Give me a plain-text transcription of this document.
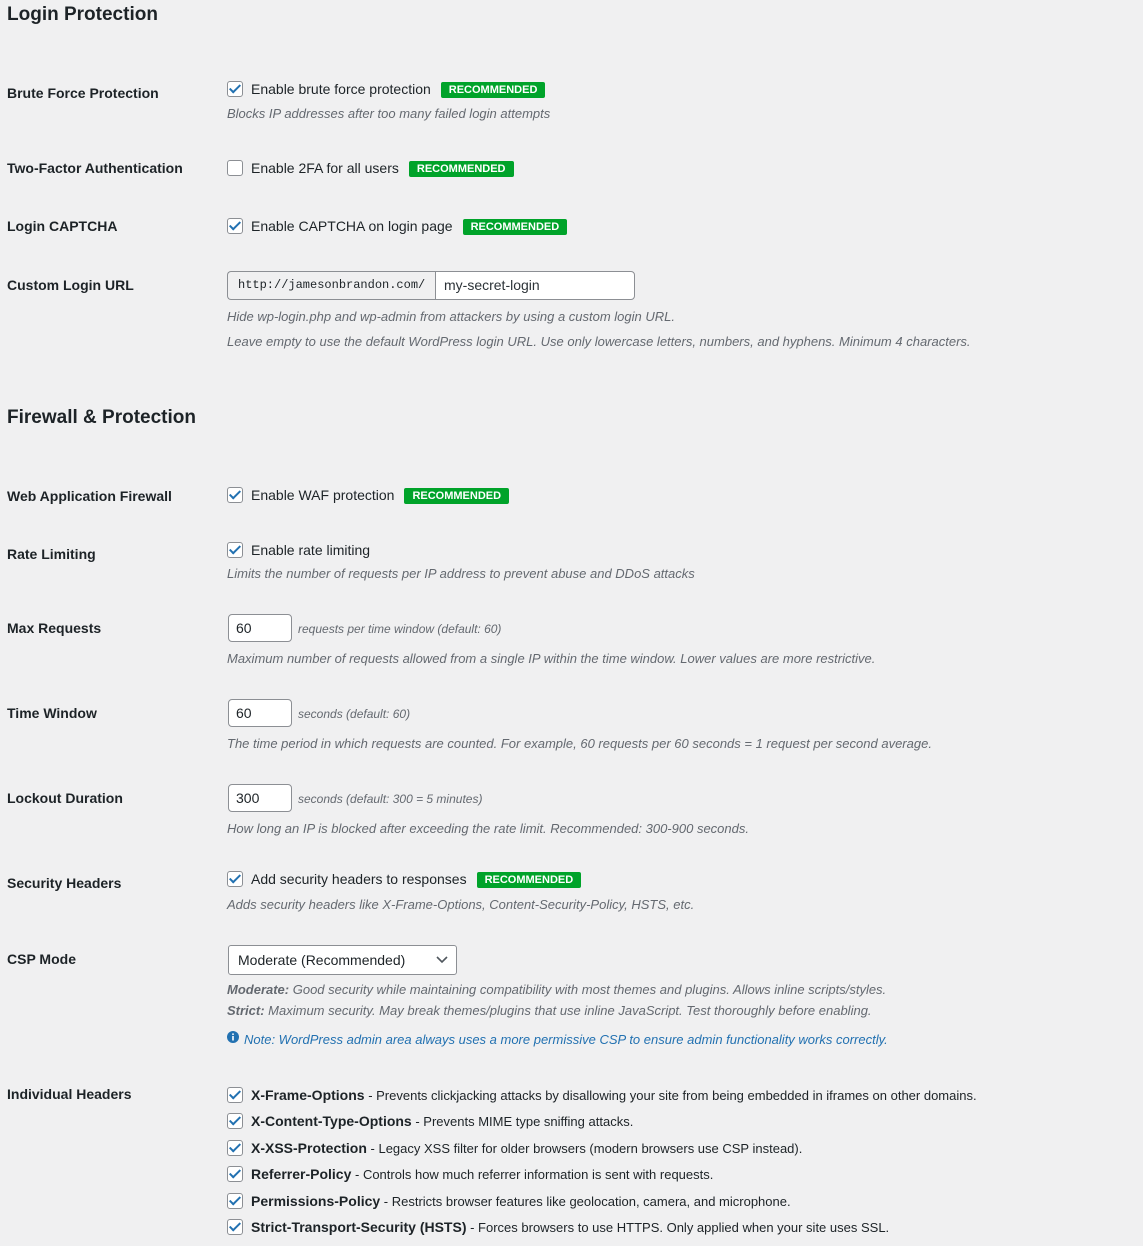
Login Protection
Brute Force Protection	Enable brute force protection RECOMMENDED
Blocks IP addresses after too many failed login attempts
Two-Factor Authentication	Enable 2FA for all users RECOMMENDED
Login CAPTCHA	Enable CAPTCHA on login page RECOMMENDED
Custom Login URL	http://jamesonbrandon.com/	my-secret-login
Hide wp-login.php and wp-admin from attackers by using a custom login URL.
Leave empty to use the default WordPress login URL. Use only lowercase letters, numbers, and hyphens. Minimum 4 characters.
Firewall & Protection
Web Application Firewall	Enable WAF protection RECOMMENDED
Rate Limiting	Enable rate limiting
Limits the number of requests per IP address to prevent abuse and DDoS attacks
Max Requests	60	requests per time window (default: 60)
Maximum number of requests allowed from a single IP within the time window. Lower values are more restrictive.
Time Window	60	seconds (default: 60)
The time period in which requests are counted. For example, 60 requests per 60 seconds = 1 request per second average.
Lockout Duration	300	seconds (default: 300 = 5 minutes)
How long an IP is blocked after exceeding the rate limit. Recommended: 300-900 seconds.
Security Headers	Add security headers to responses RECOMMENDED
Adds security headers like X-Frame-Options, Content-Security-Policy, HSTS, etc.
CSP Mode	Moderate (Recommended)
Moderate: Good security while maintaining compatibility with most themes and plugins. Allows inline scripts/styles.
Strict: Maximum security. May break themes/plugins that use inline JavaScript. Test thoroughly before enabling.
Note: WordPress admin area always uses a more permissive CSP to ensure admin functionality works correctly.
Individual Headers	X-Frame-Options - Prevents clickjacking attacks by disallowing your site from being embedded in iframes on other domains.
X-Content-Type-Options - Prevents MIME type sniffing attacks.
X-XSS-Protection - Legacy XSS filter for older browsers (modern browsers use CSP instead).
Referrer-Policy - Controls how much referrer information is sent with requests.
Permissions-Policy - Restricts browser features like geolocation, camera, and microphone.
Strict-Transport-Security (HSTS) - Forces browsers to use HTTPS. Only applied when your site uses SSL.
